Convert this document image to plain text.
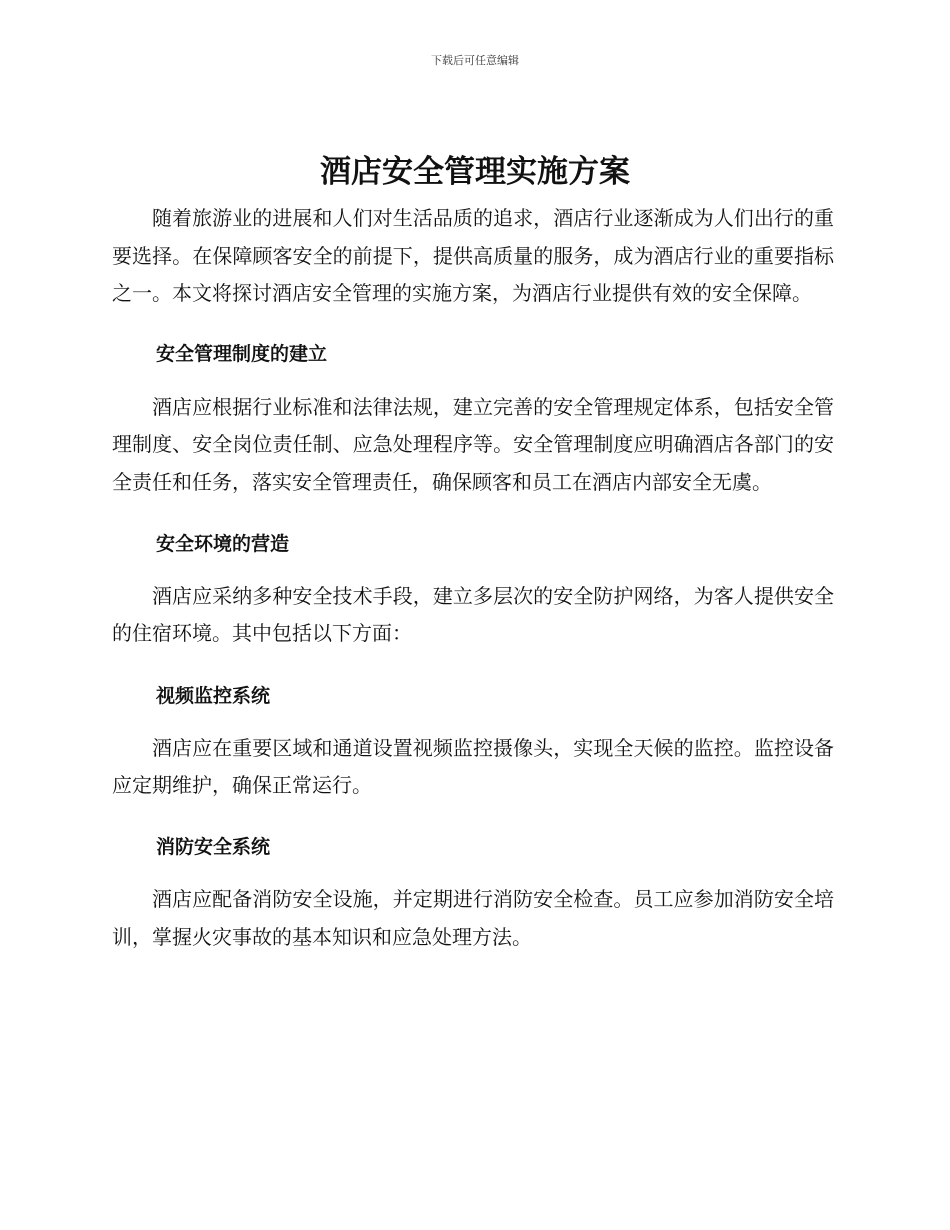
下载后可任意编辑
酒店安全管理实施方案

随着旅游业的进展和人们对生活品质的追求，酒店行业逐渐成为人们出行的重要选择。在保障顾客安全的前提下，提供高质量的服务，成为酒店行业的重要指标之一。本文将探讨酒店安全管理的实施方案，为酒店行业提供有效的安全保障。

安全管理制度的建立

酒店应根据行业标准和法律法规，建立完善的安全管理规定体系，包括安全管理制度、安全岗位责任制、应急处理程序等。安全管理制度应明确酒店各部门的安全责任和任务，落实安全管理责任，确保顾客和员工在酒店内部安全无虞。

安全环境的营造

酒店应采纳多种安全技术手段，建立多层次的安全防护网络，为客人提供安全的住宿环境。其中包括以下方面：

视频监控系统

酒店应在重要区域和通道设置视频监控摄像头，实现全天候的监控。监控设备应定期维护，确保正常运行。

消防安全系统

酒店应配备消防安全设施，并定期进行消防安全检查。员工应参加消防安全培训，掌握火灾事故的基本知识和应急处理方法。
